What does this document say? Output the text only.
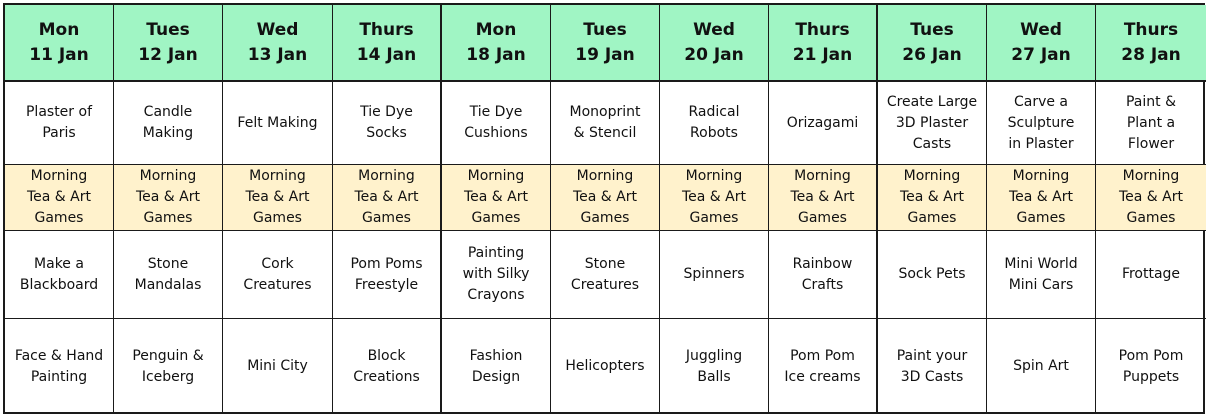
Mon
11 Jan
Tues
12 Jan
Wed
13 Jan
Thurs
14 Jan
Mon
18 Jan
Tues
19 Jan
Wed
20 Jan
Thurs
21 Jan
Tues
26 Jan
Wed
27 Jan
Thurs
28 Jan
Plaster of
Paris
Candle
Making
Felt Making
Tie Dye
Socks
Tie Dye
Cushions
Monoprint
& Stencil
Radical
Robots
Orizagami
Create Large
3D Plaster
Casts
Carve a
Sculpture
in Plaster
Paint &
Plant a
Flower
Morning
Tea & Art
Games
Morning
Tea & Art
Games
Morning
Tea & Art
Games
Morning
Tea & Art
Games
Morning
Tea & Art
Games
Morning
Tea & Art
Games
Morning
Tea & Art
Games
Morning
Tea & Art
Games
Morning
Tea & Art
Games
Morning
Tea & Art
Games
Morning
Tea & Art
Games
Make a
Blackboard
Stone
Mandalas
Cork
Creatures
Pom Poms
Freestyle
Painting
with Silky
Crayons
Stone
Creatures
Spinners
Rainbow
Crafts
Sock Pets
Mini World
Mini Cars
Frottage
Face & Hand
Painting
Penguin &
Iceberg
Mini City
Block
Creations
Fashion
Design
Helicopters
Juggling
Balls
Pom Pom
Ice creams
Paint your
3D Casts
Spin Art
Pom Pom
Puppets
